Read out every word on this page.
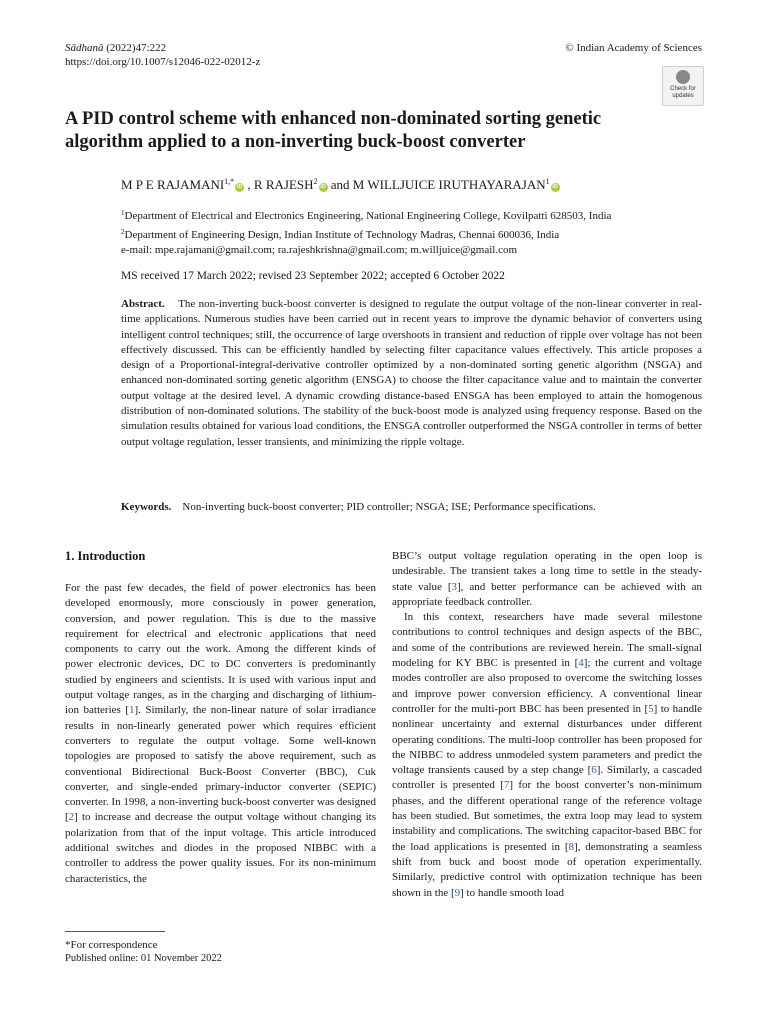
Sādhanā (2022)47:222
https://doi.org/10.1007/s12046-022-02012-z
© Indian Academy of Sciences
Check for
updates
A PID control scheme with enhanced non-dominated sorting genetic algorithm applied to a non-inverting buck-boost converter
M P E $RAJAMANI^{1,*}iD$ , R RAJESH$^2$iD and M WILLJUICE IRUTHAYARAJAN$^1$iD
$^1$Department of Electrical and Electronics Engineering, National Engineering College, Kovilpatti 628503, India
$^2$Department of Engineering Design, Indian Institute of Technology Madras, Chennai 600036, India
e-mail: mpe.rajamani@gmail.com; ra.rajeshkrishna@gmail.com; m.willjuice@gmail.com
MS received 17 March 2022; revised 23 September 2022; accepted 6 October 2022
Abstract. The non-inverting buck-boost converter is designed to regulate the output voltage of the non-linear converter in real-time applications. Numerous studies have been carried out in recent years to improve the dynamic behavior of converters using intelligent control techniques; still, the occurrence of large overshoots in transient and reduction of ripple over voltage has not been effectively discussed. This can be efficiently handled by selecting filter capacitance values effectively. This article proposes a design of a Proportional-integral-derivative controller optimized by a non-dominated sorting genetic algorithm (NSGA) and enhanced non-dominated sorting genetic algorithm (ENSGA) to choose the filter capacitance value and to maintain the converter output voltage at the desired level. A dynamic crowding distance-based ENSGA has been employed to attain the homogenous distribution of non-dominated solutions. The stability of the buck-boost mode is analyzed using frequency response. Based on the simulation results obtained for various load conditions, the ENSGA controller outperformed the NSGA controller in terms of better output voltage regulation, lesser transients, and minimizing the ripple voltage.
Keywords. Non-inverting buck-boost converter; PID controller; NSGA; ISE; Performance specifications.
1. Introduction

For the past few decades, the field of power electronics has been developed enormously, more consciously in power generation, conversion, and power regulation. This is due to the massive requirement for electrical and electronic applications that need components to carry out the work. Among the different kinds of power electronic devices, DC to DC converters is predominantly studied by engineers and scientists. It is used with various input and output voltage ranges, as in the charging and discharging of lithium-ion batteries [1]. Similarly, the non-linear nature of solar irradiance results in non-linearly generated power which requires efficient converters to regulate the output voltage. Some well-known topologies are proposed to satisfy the above requirement, such as conventional Bidirectional Buck-Boost Converter (BBC), Cuk converter, and single-ended primary-inductor converter (SEPIC) converter. In 1998, a non-inverting buck-boost converter was designed [2] to increase and decrease the output voltage without changing its polarization from that of the input voltage. This article introduced additional switches and diodes in the proposed NIBBC with a controller to address the power quality issues. For its non-minimum characteristics, the

BBC’s output voltage regulation operating in the open loop is undesirable. The transient takes a long time to settle in the steady-state value [3], and better performance can be achieved with an appropriate feedback controller.

In this context, researchers have made several milestone contributions to control techniques and design aspects of the BBC, and some of the contributions are reviewed herein. The small-signal modeling for KY BBC is presented in [4]; the current and voltage modes controller are also proposed to overcome the switching losses and improve power conversion efficiency. A conventional linear controller for the multi-port BBC has been presented in [5] to handle nonlinear uncertainty and external disturbances under different operating conditions. The multi-loop controller has been proposed for the NIBBC to address unmodeled system parameters and predict the voltage transients caused by a step change [6]. Similarly, a cascaded controller is presented [7] for the boost converter’s non-minimum phases, and the different operational range of the reference voltage has been studied. But sometimes, the extra loop may lead to system instability and complications. The switching capacitor-based BBC for the load applications is presented in [8], demonstrating a seamless shift from buck and boost mode of operation experimentally. Similarly, predictive control with optimization technique has been shown in the [9] to handle smooth load

*For correspondence
Published online: 01 November 2022
